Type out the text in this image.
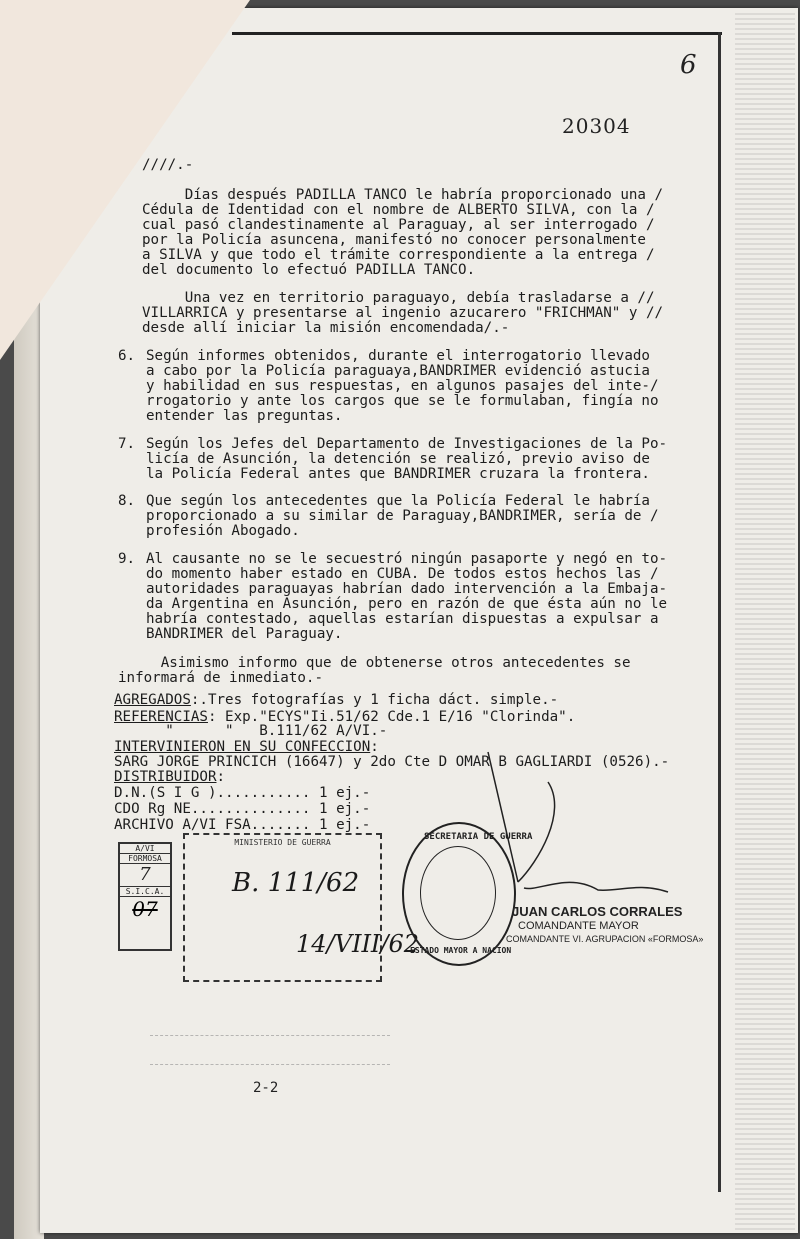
6
20304
////.-
Días después PADILLA TANCO le habría proporcionado una /
Cédula de Identidad con el nombre de ALBERTO SILVA, con la /
cual pasó clandestinamente al Paraguay, al ser interrogado /
por la Policía asuncena, manifestó no conocer personalmente
a SILVA y que todo el trámite correspondiente a la entrega /
del documento lo efectuó PADILLA TANCO.
Una vez en territorio paraguayo, debía trasladarse a //
VILLARRICA y presentarse al ingenio azucarero "FRICHMAN" y //
desde allí iniciar la misión encomendada/.-
6. Según informes obtenidos, durante el interrogatorio llevado
a cabo por la Policía paraguaya,BANDRIMER evidenció astucia
y habilidad en sus respuestas, en algunos pasajes del inte-/
rrogatorio y ante los cargos que se le formulaban, fingía no
entender las preguntas.
7. Según los Jefes del Departamento de Investigaciones de la Po-
licía de Asunción, la detención se realizó, previo aviso de
la Policía Federal antes que BANDRIMER cruzara la frontera.
8. Que según los antecedentes que la Policía Federal le habría
proporcionado a su similar de Paraguay,BANDRIMER, sería de /
profesión Abogado.
9. Al causante no se le secuestró ningún pasaporte y negó en to-
do momento haber estado en CUBA. De todos estos hechos las /
autoridades paraguayas habrían dado intervención a la Embaja-
da Argentina en Asunción, pero en razón de que ésta aún no le
habría contestado, aquellas estarían dispuestas a expulsar a
BANDRIMER del Paraguay.
Asimismo informo que de obtenerse otros antecedentes se
informará de inmediato.-
AGREGADOS:.Tres fotografías y 1 ficha dáct. simple.-
REFERENCIAS: Exp."ECYS"Ii.51/62 Cde.1 E/16 "Clorinda".
"      "   B.111/62 A/VI.-
INTERVINIERON EN SU CONFECCION:
SARG JORGE PRINCICH (16647) y 2do Cte D OMAR B GAGLIARDI (0526).-
DISTRIBUIDOR:
D.N.(S I G )........... 1 ej.-
CDO Rg NE.............. 1 ej.-
ARCHIVO A/VI FSA....... 1 ej.-
A/VI
FORMOSA
7
S.I.C.A.
07
MINISTERIO DE GUERRA
B. 111/62
14/VIII/62
SECRETARIA DE GUERRA
ESTADO MAYOR A NACION
JUAN CARLOS CORRALES
COMANDANTE MAYOR
COMANDANTE VI. AGRUPACION «FORMOSA»
2-2
